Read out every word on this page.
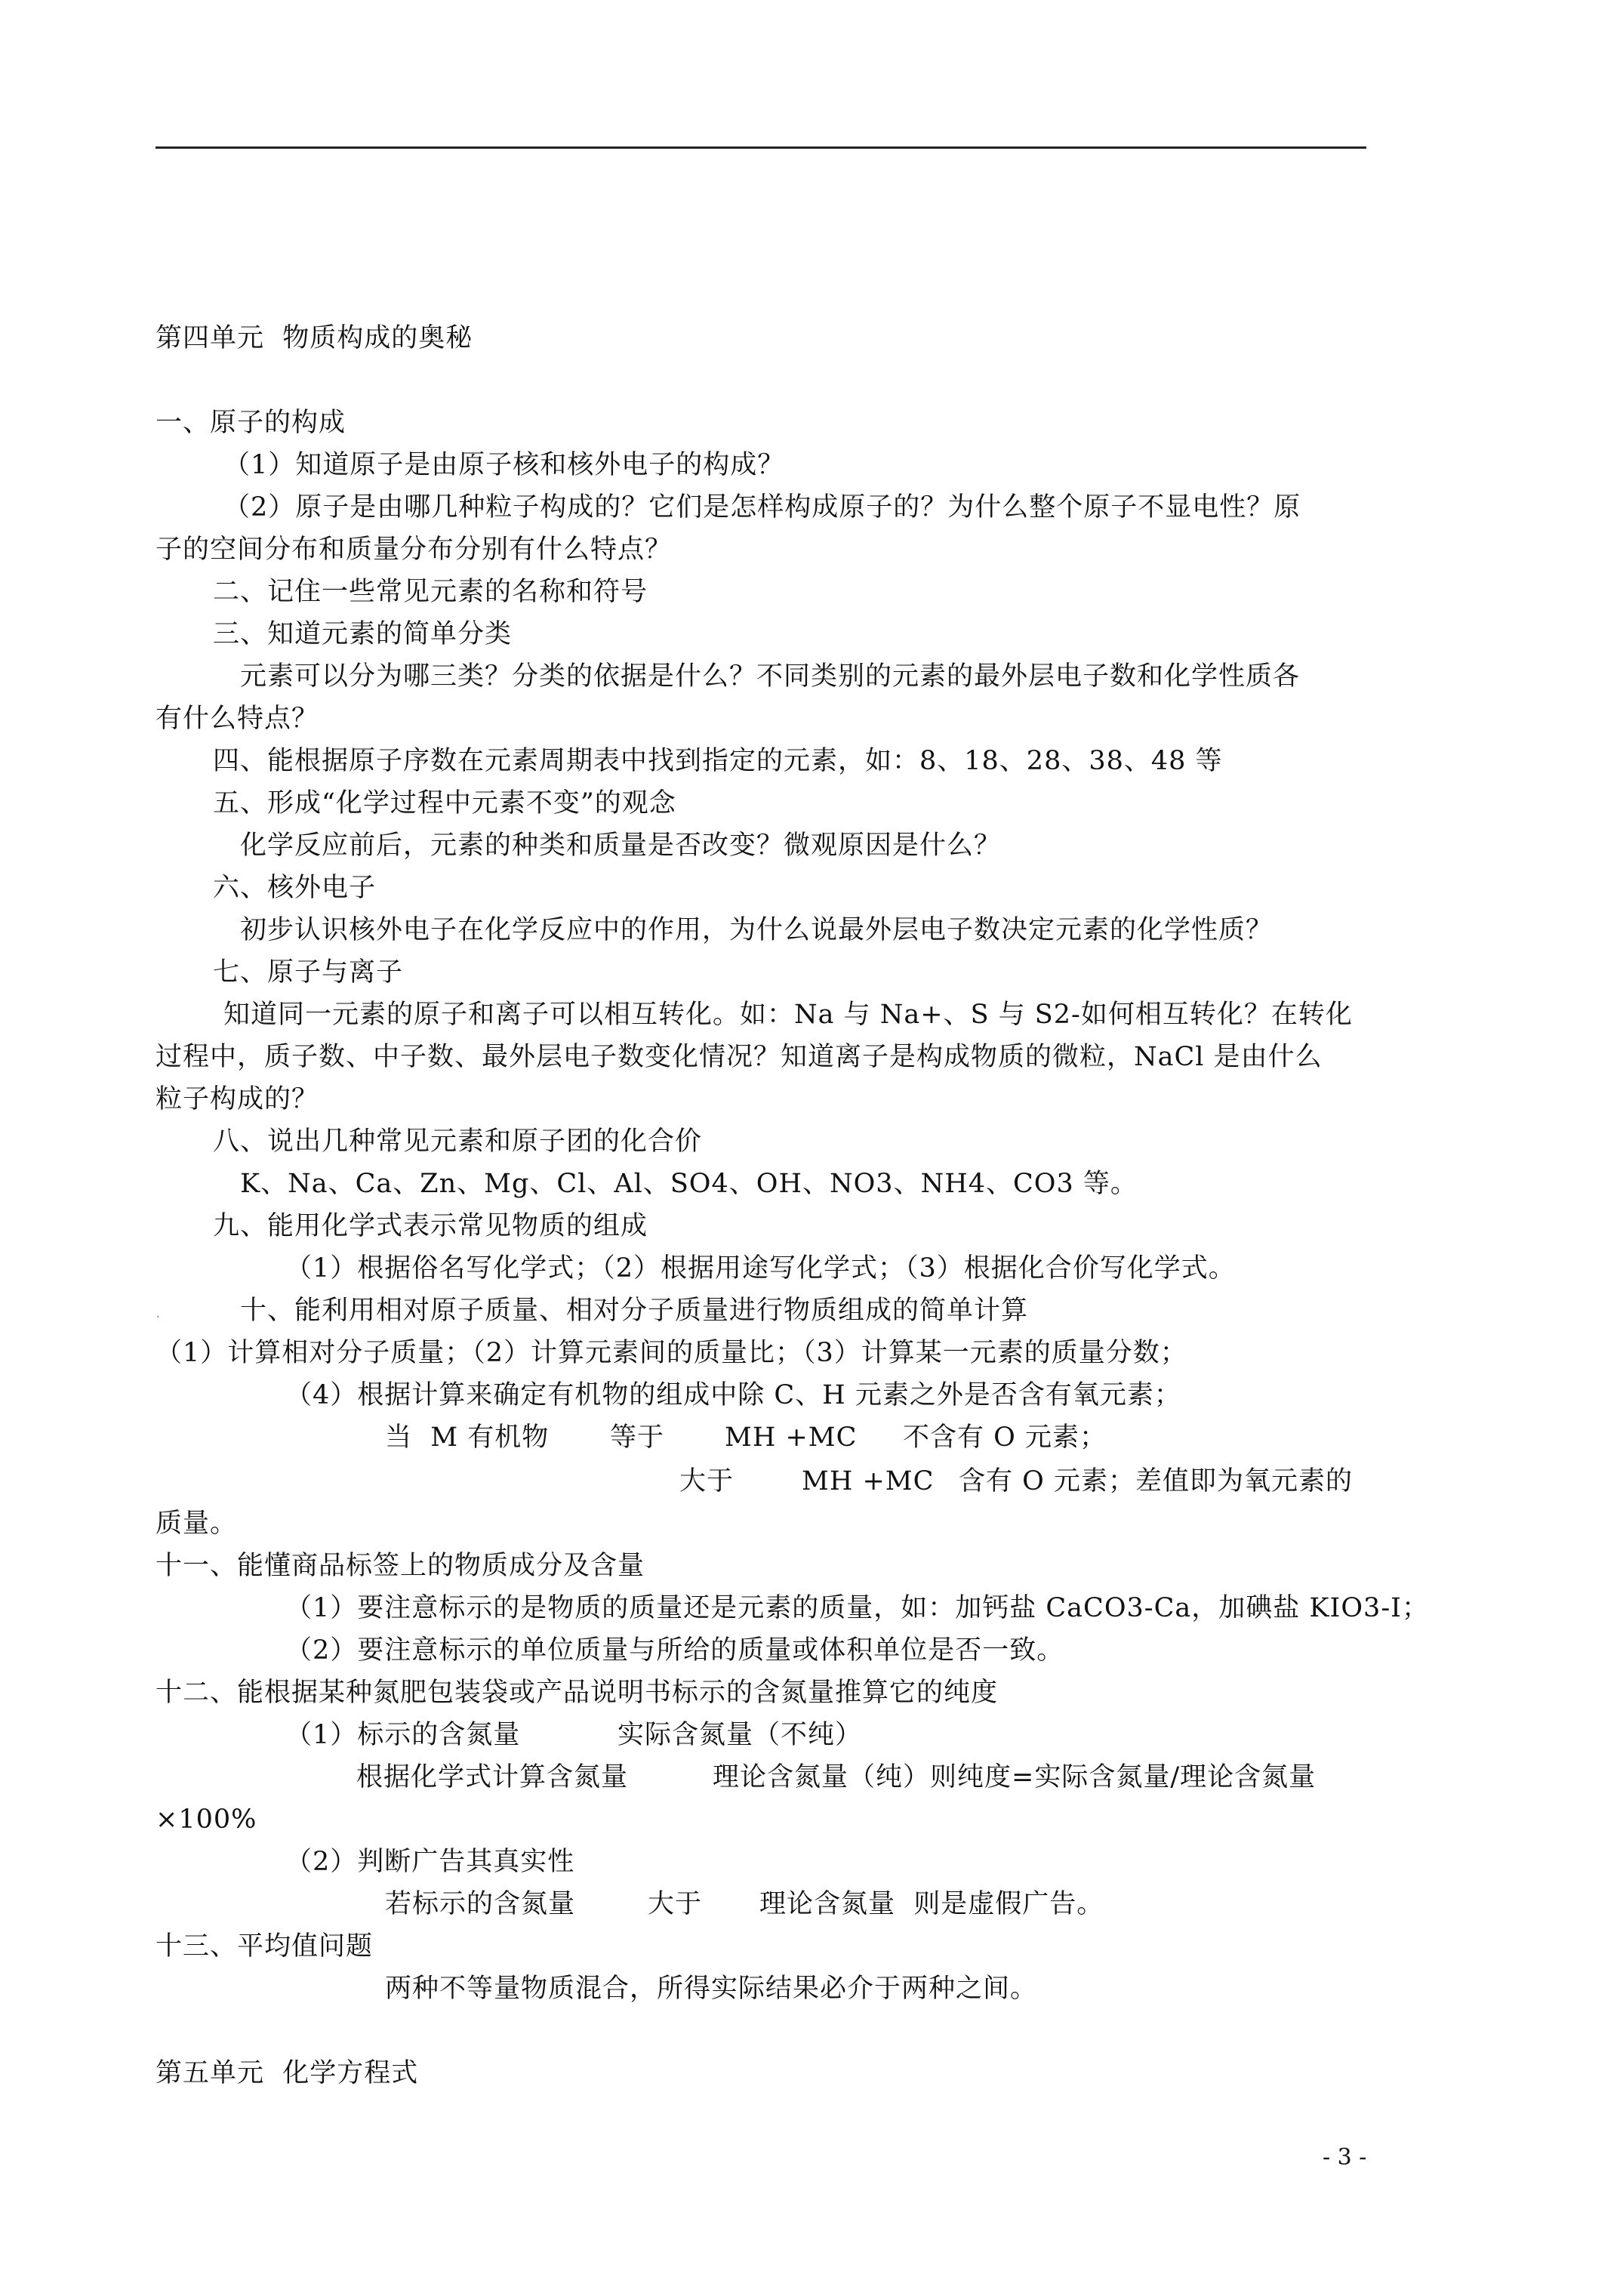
第四单元  物质构成的奥秘
一、原子的构成
（1）知道原子是由原子核和核外电子的构成？
（2）原子是由哪几种粒子构成的？它们是怎样构成原子的？为什么整个原子不显电性？原
子的空间分布和质量分布分别有什么特点？
二、记住一些常见元素的名称和符号
三、知道元素的简单分类
元素可以分为哪三类？分类的依据是什么？不同类别的元素的最外层电子数和化学性质各
有什么特点？
四、能根据原子序数在元素周期表中找到指定的元素，如：8、18、28、38、48 等
五、形成“化学过程中元素不变”的观念
化学反应前后，元素的种类和质量是否改变？微观原因是什么？
六、核外电子
初步认识核外电子在化学反应中的作用，为什么说最外层电子数决定元素的化学性质？
七、原子与离子
知道同一元素的原子和离子可以相互转化。如：Na 与 Na+、S 与 S2-如何相互转化？在转化
过程中，质子数、中子数、最外层电子数变化情况？知道离子是构成物质的微粒，NaCl 是由什么
粒子构成的？
八、说出几种常见元素和原子团的化合价
K、Na、Ca、Zn、Mg、Cl、Al、SO4、OH、NO3、NH4、CO3 等。
九、能用化学式表示常见物质的组成
（1）根据俗名写化学式；（2）根据用途写化学式；（3）根据化合价写化学式。
.	十、能利用相对原子质量、相对分子质量进行物质组成的简单计算
（1）计算相对分子质量；（2）计算元素间的质量比；（3）计算某一元素的质量分数；
（4）根据计算来确定有机物的组成中除 C、H 元素之外是否含有氧元素；
当  M 有机物 等于 MH +MC 不含有 O 元素；
大于	MH +MC 含有 O 元素；差值即为氧元素的
质量。
十一、能懂商品标签上的物质成分及含量
（1）要注意标示的是物质的质量还是元素的质量，如：加钙盐 CaCO3-Ca，加碘盐 KIO3-I；
（2）要注意标示的单位质量与所给的质量或体积单位是否一致。
十二、能根据某种氮肥包装袋或产品说明书标示的含氮量推算它的纯度
（1）标示的含氮量	实际含氮量（不纯）
根据化学式计算含氮量	理论含氮量（纯）则纯度=实际含氮量/理论含氮量
×100%
（2）判断广告其真实性
若标示的含氮量	大于 理论含氮量  则是虚假广告。
十三、平均值问题
两种不等量物质混合，所得实际结果必介于两种之间。
第五单元  化学方程式
- 3 -
